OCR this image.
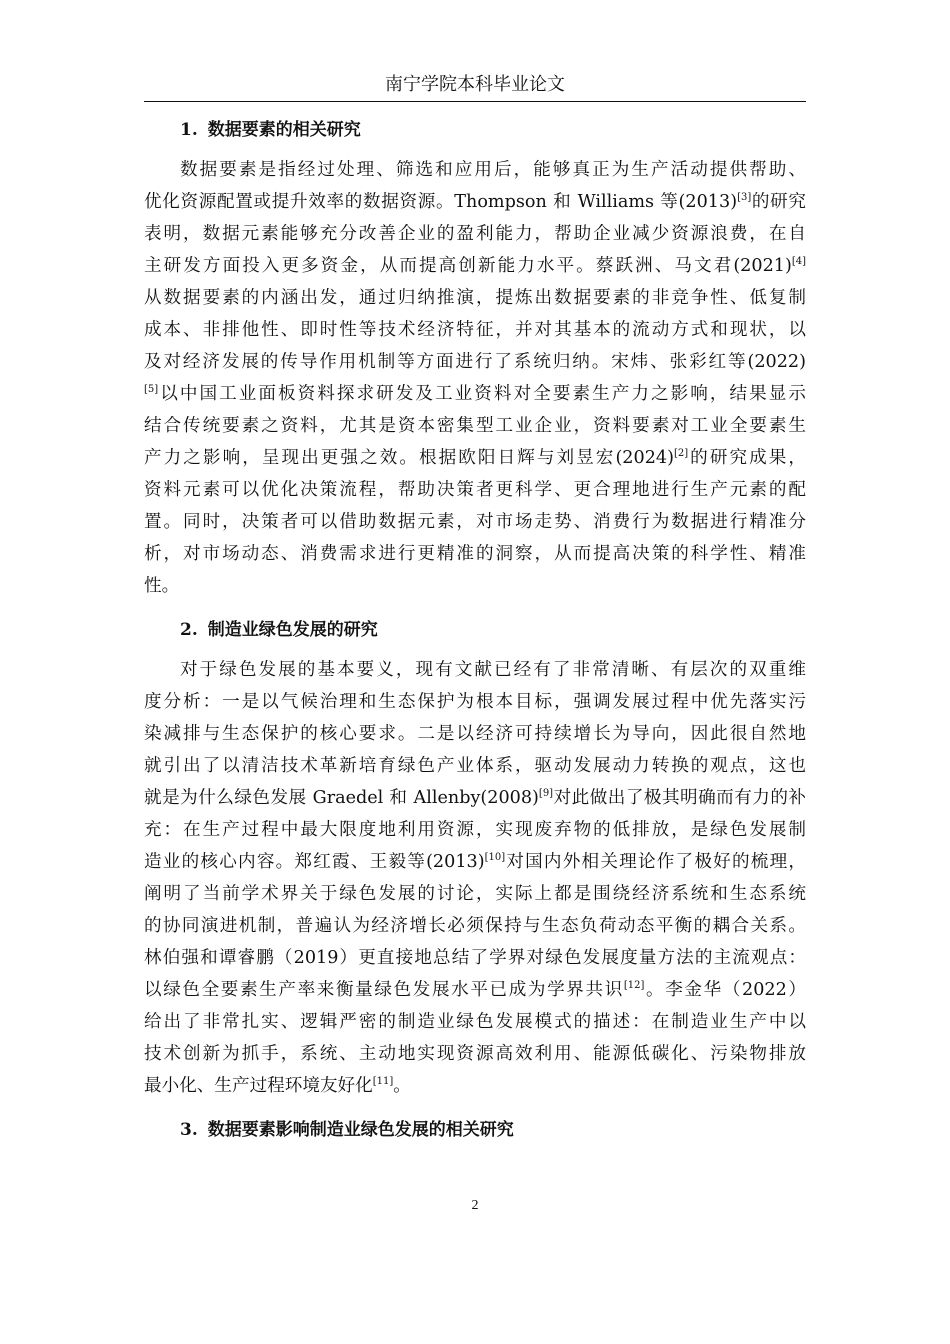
南宁学院本科毕业论文
1. 数据要素的相关研究
数据要素是指经过处理、筛选和应用后，能够真正为生产活动提供帮助、
优化资源配置或提升效率的数据资源。Thompson 和 Williams 等(2013)[3]的研究
表明，数据元素能够充分改善企业的盈利能力，帮助企业减少资源浪费，在自
主研发方面投入更多资金，从而提高创新能力水平。蔡跃洲、马文君(2021)[4]
从数据要素的内涵出发，通过归纳推演，提炼出数据要素的非竞争性、低复制
成本、非排他性、即时性等技术经济特征，并对其基本的流动方式和现状，以
及对经济发展的传导作用机制等方面进行了系统归纳。宋炜、张彩红等(2022)
[5]以中国工业面板资料探求研发及工业资料对全要素生产力之影响，结果显示
结合传统要素之资料，尤其是资本密集型工业企业，资料要素对工业全要素生
产力之影响，呈现出更强之效。根据欧阳日辉与刘昱宏(2024)[2]的研究成果，
资料元素可以优化决策流程，帮助决策者更科学、更合理地进行生产元素的配
置。同时，决策者可以借助数据元素，对市场走势、消费行为数据进行精准分
析，对市场动态、消费需求进行更精准的洞察，从而提高决策的科学性、精准
性。
2. 制造业绿色发展的研究
对于绿色发展的基本要义，现有文献已经有了非常清晰、有层次的双重维
度分析：一是以气候治理和生态保护为根本目标，强调发展过程中优先落实污
染减排与生态保护的核心要求。二是以经济可持续增长为导向，因此很自然地
就引出了以清洁技术革新培育绿色产业体系，驱动发展动力转换的观点，这也
就是为什么绿色发展 Graedel 和 Allenby(2008)[9]对此做出了极其明确而有力的补
充：在生产过程中最大限度地利用资源，实现废弃物的低排放，是绿色发展制
造业的核心内容。郑红霞、王毅等(2013)[10]对国内外相关理论作了极好的梳理，
阐明了当前学术界关于绿色发展的讨论，实际上都是围绕经济系统和生态系统
的协同演进机制，普遍认为经济增长必须保持与生态负荷动态平衡的耦合关系。
林伯强和谭睿鹏（2019）更直接地总结了学界对绿色发展度量方法的主流观点：
以绿色全要素生产率来衡量绿色发展水平已成为学界共识[12]。李金华（2022）
给出了非常扎实、逻辑严密的制造业绿色发展模式的描述：在制造业生产中以
技术创新为抓手，系统、主动地实现资源高效利用、能源低碳化、污染物排放
最小化、生产过程环境友好化[11]。
3. 数据要素影响制造业绿色发展的相关研究
2
